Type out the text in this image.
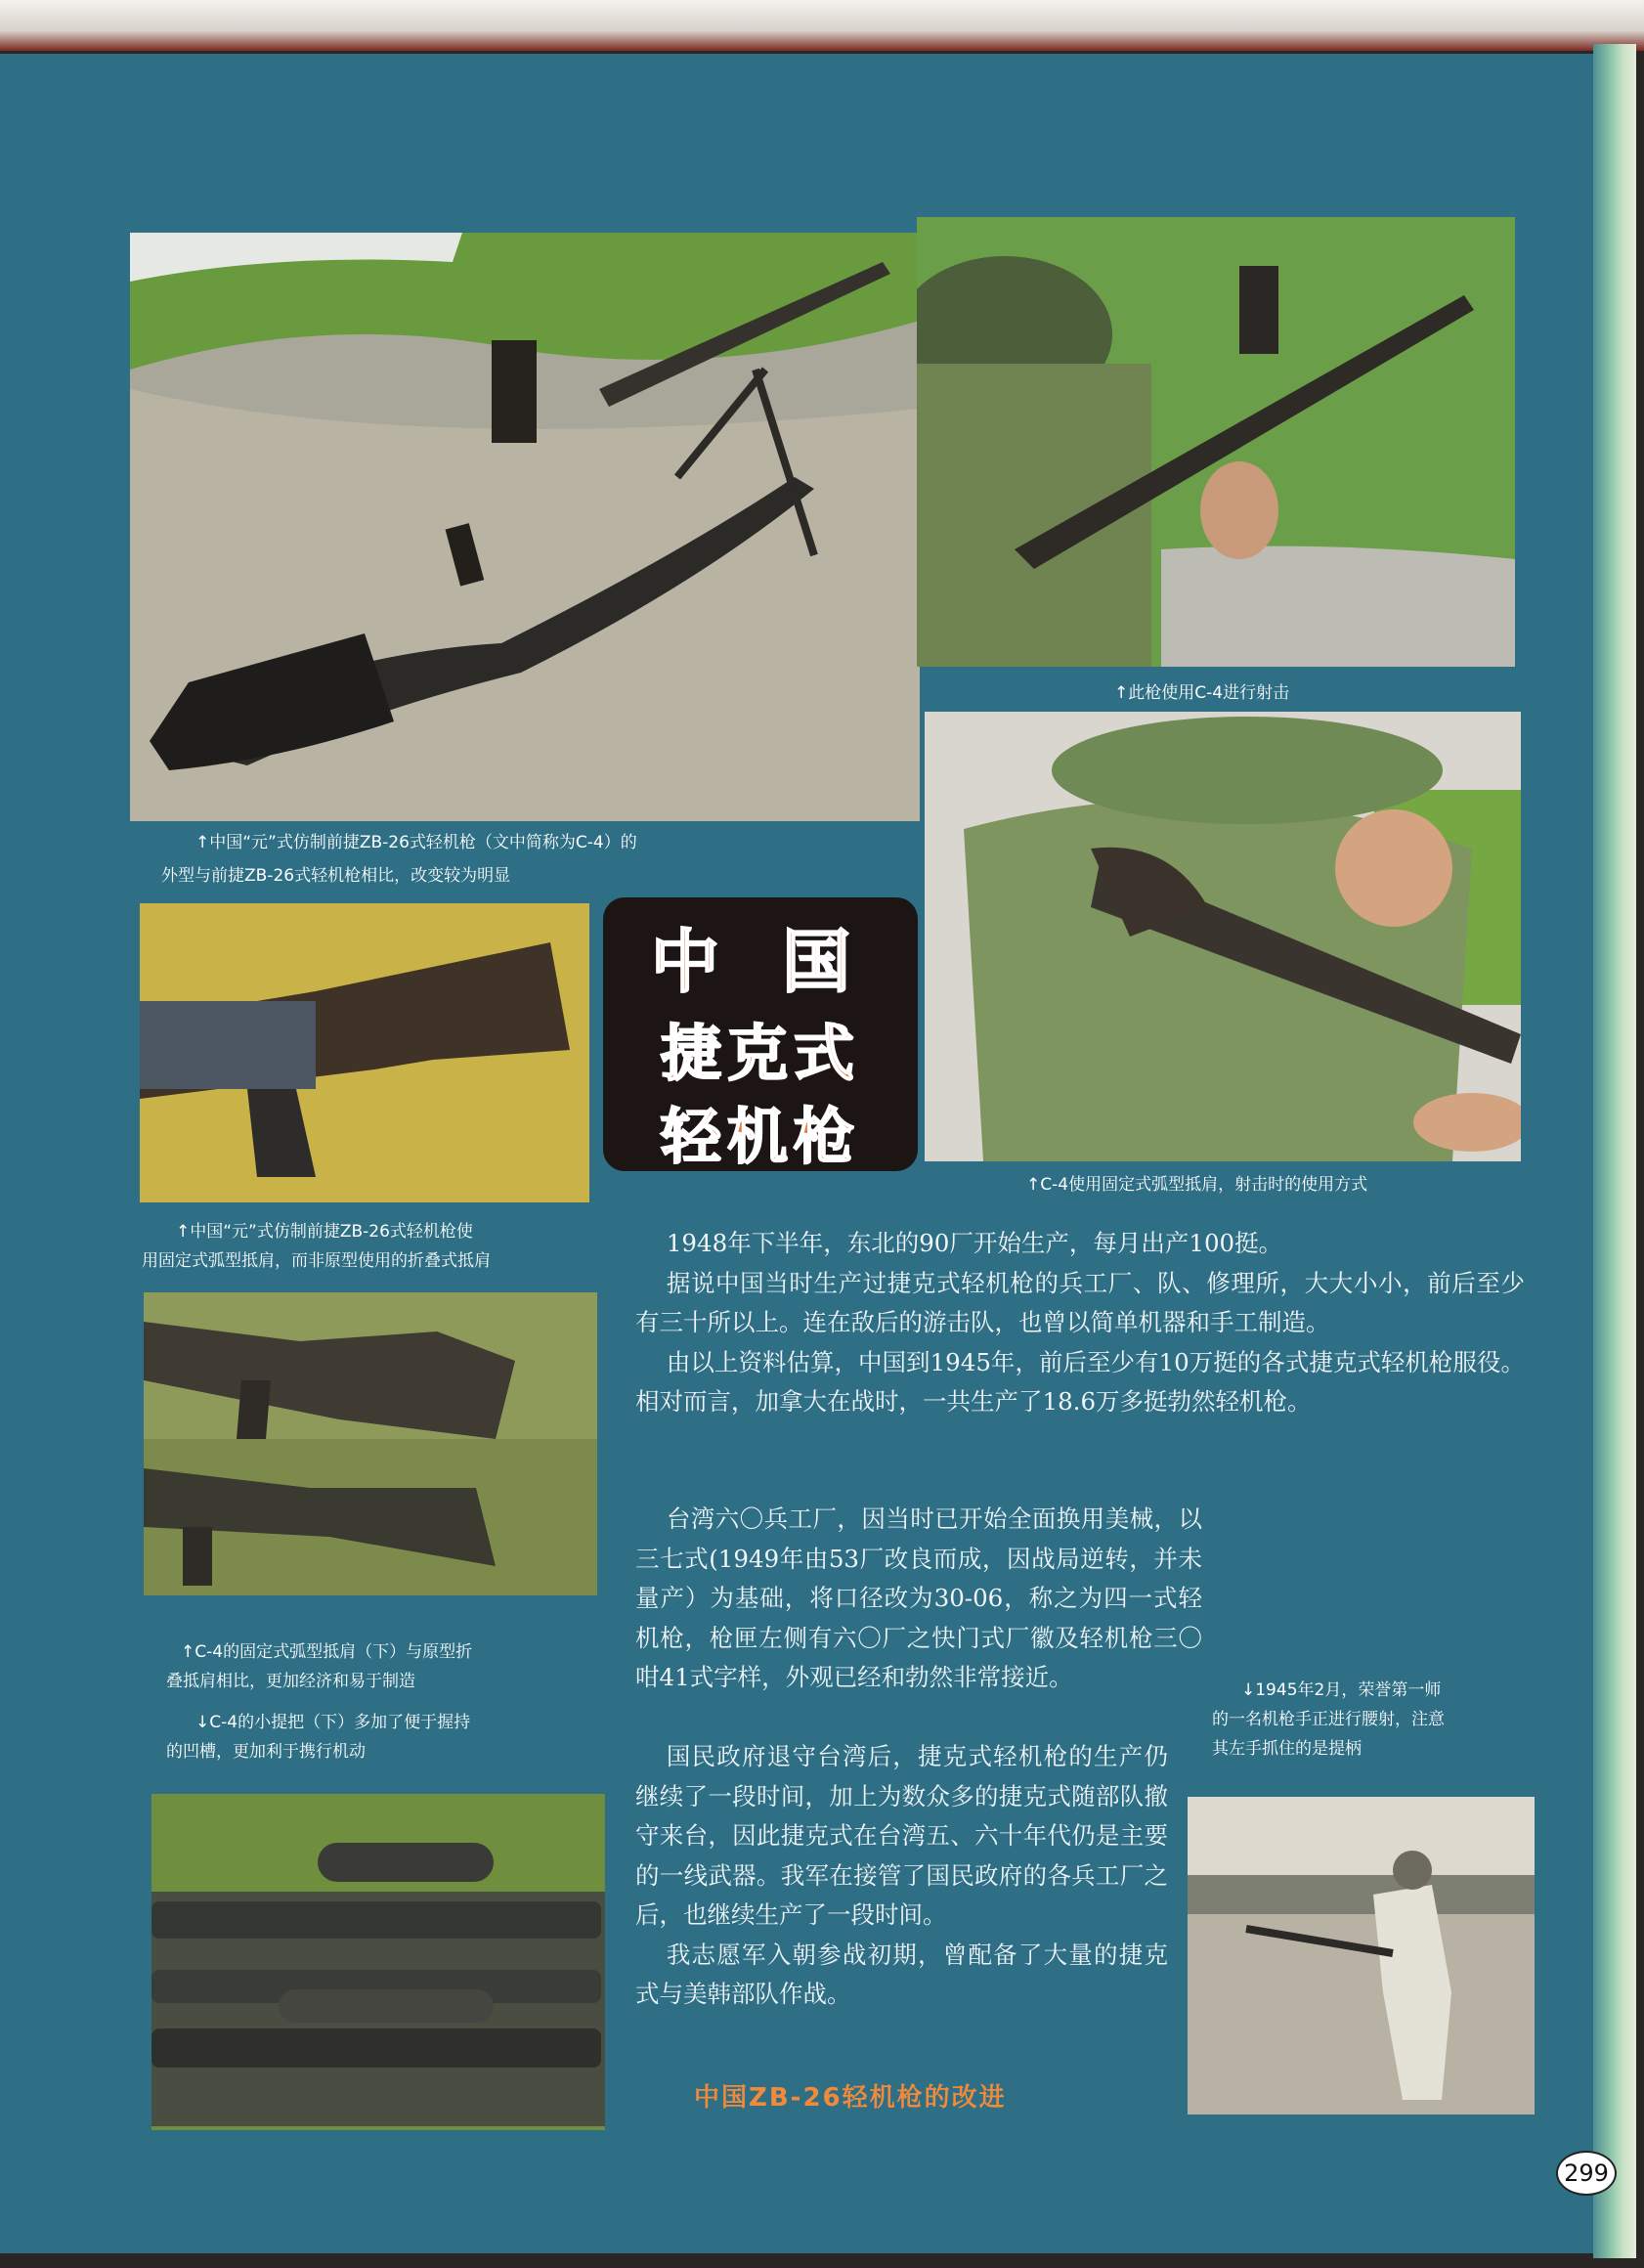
↑此枪使用C-4进行射击
↑C-4使用固定式弧型抵肩，射击时的使用方式
↑中国“元”式仿制前捷ZB-26式轻机枪（文中简称为C-4）的
外型与前捷ZB-26式轻机枪相比，改变较为明显
中 国
捷克式
轻机枪
↑中国“元”式仿制前捷ZB-26式轻机枪使
用固定式弧型抵肩，而非原型使用的折叠式抵肩
↑C-4的固定式弧型抵肩（下）与原型折
叠抵肩相比，更加经济和易于制造
↓C-4的小提把（下）多加了便于握持
的凹槽，更加利于携行机动

1948年下半年，东北的90厂开始生产，每月出产100挺。

据说中国当时生产过捷克式轻机枪的兵工厂、队、修理所，大大小小，前后至少有三十所以上。连在敌后的游击队，也曾以简单机器和手工制造。

由以上资料估算，中国到1945年，前后至少有10万挺的各式捷克式轻机枪服役。相对而言，加拿大在战时，一共生产了18.6万多挺勃然轻机枪。

台湾六〇兵工厂，因当时已开始全面换用美械，以三七式(1949年由53厂改良而成，因战局逆转，并未量产）为基础，将口径改为30-06，称之为四一式轻机枪，枪匣左侧有六〇厂之快门式厂徽及轻机枪三〇咁41式字样，外观已经和勃然非常接近。

国民政府退守台湾后，捷克式轻机枪的生产仍继续了一段时间，加上为数众多的捷克式随部队撤守来台，因此捷克式在台湾五、六十年代仍是主要的一线武器。我军在接管了国民政府的各兵工厂之后，也继续生产了一段时间。

我志愿军入朝参战初期，曾配备了大量的捷克式与美韩部队作战。

中国ZB-26轻机枪的改进
↓1945年2月，荣誉第一师
的一名机枪手正进行腰射，注意
其左手抓住的是提柄
299
